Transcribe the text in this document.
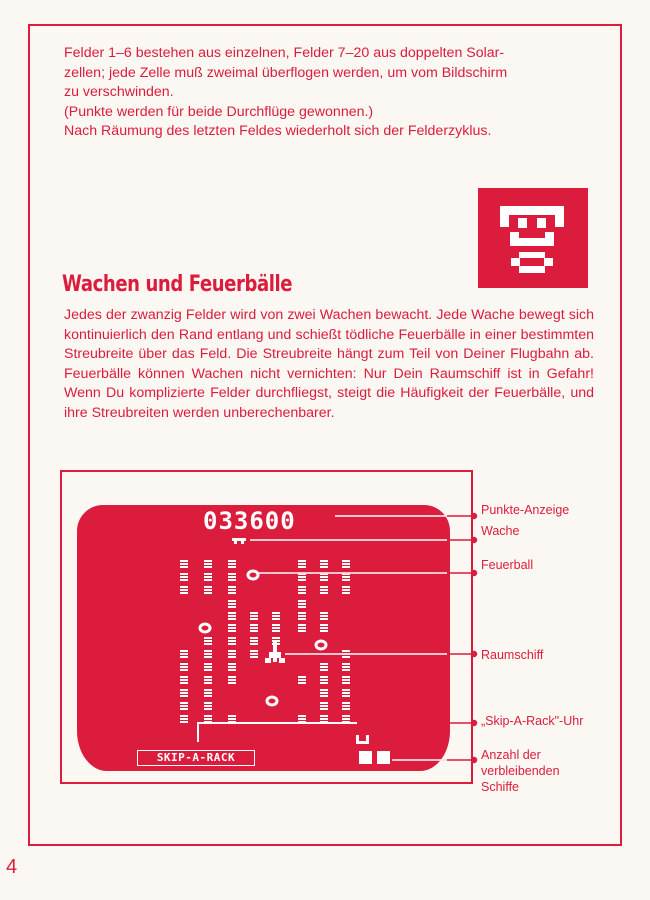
Felder 1–6 bestehen aus einzelnen, Felder 7–20 aus doppelten Solar-
zellen; jede Zelle muß zweimal überflogen werden, um vom Bildschirm
zu verschwinden.
(Punkte werden für beide Durchflüge gewonnen.)
Nach Räumung des letzten Feldes wiederholt sich der Felderzyklus.

Wachen und Feuerbälle

Jedes der zwanzig Felder wird von zwei Wachen bewacht. Jede Wache bewegt sich kontinuierlich den Rand entlang und schießt tödliche Feuerbälle in einer bestimmten Streubreite über das Feld. Die Streubreite hängt zum Teil von Deiner Flugbahn ab. Feuerbälle können Wachen nicht vernichten: Nur Dein Raumschiff ist in Gefahr! Wenn Du komplizierte Felder durchfliegst, steigt die Häufigkeit der Feuerbälle, und ihre Streubreiten werden unberechenbarer.

033600
SKIP-A-RACK
Punkte-Anzeige
Wache
Feuerball
Raumschiff
„Skip-A-Rack"-Uhr
Anzahl der
verbleibenden
Schiffe
4
